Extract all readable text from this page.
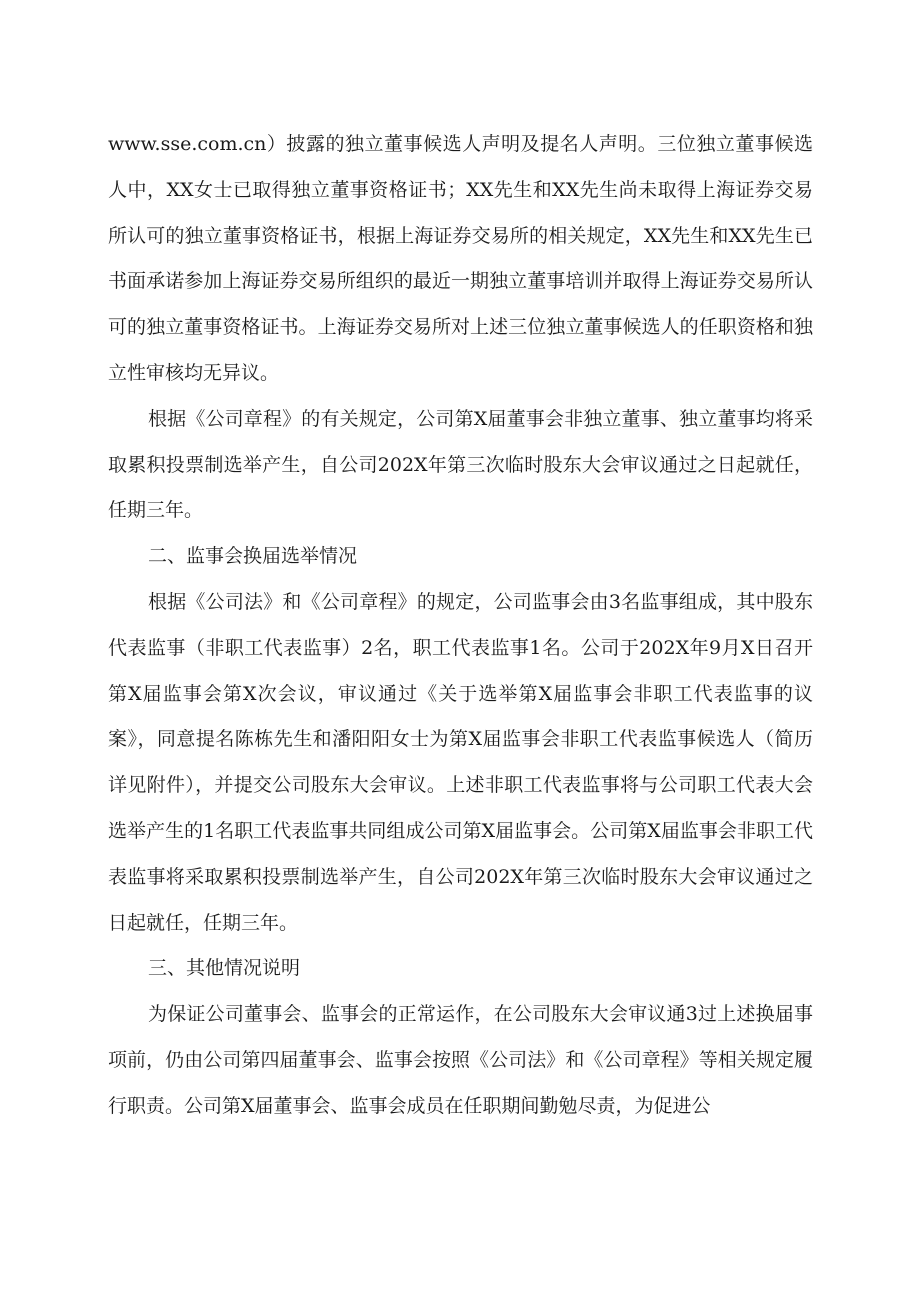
www.sse.com.cn）披露的独立董事候选人声明及提名人声明。三位独立董事候选人中，XX女士已取得独立董事资格证书；XX先生和XX先生尚未取得上海证券交易所认可的独立董事资格证书，根据上海证券交易所的相关规定，XX先生和XX先生已书面承诺参加上海证券交易所组织的最近一期独立董事培训并取得上海证券交易所认可的独立董事资格证书。上海证券交易所对上述三位独立董事候选人的任职资格和独立性审核均无异议。

根据《公司章程》的有关规定，公司第X届董事会非独立董事、独立董事均将采取累积投票制选举产生，自公司202X年第三次临时股东大会审议通过之日起就任，任期三年。

二、监事会换届选举情况

根据《公司法》和《公司章程》的规定，公司监事会由3名监事组成，其中股东代表监事（非职工代表监事）2名，职工代表监事1名。公司于202X年9月X日召开第X届监事会第X次会议，审议通过《关于选举第X届监事会非职工代表监事的议案》，同意提名陈栋先生和潘阳阳女士为第X届监事会非职工代表监事候选人（简历详见附件），并提交公司股东大会审议。上述非职工代表监事将与公司职工代表大会选举产生的1名职工代表监事共同组成公司第X届监事会。公司第X届监事会非职工代表监事将采取累积投票制选举产生，自公司202X年第三次临时股东大会审议通过之日起就任，任期三年。

三、其他情况说明

为保证公司董事会、监事会的正常运作，在公司股东大会审议通3过上述换届事项前，仍由公司第四届董事会、监事会按照《公司法》和《公司章程》等相关规定履行职责。公司第X届董事会、监事会成员在任职期间勤勉尽责，为促进公
